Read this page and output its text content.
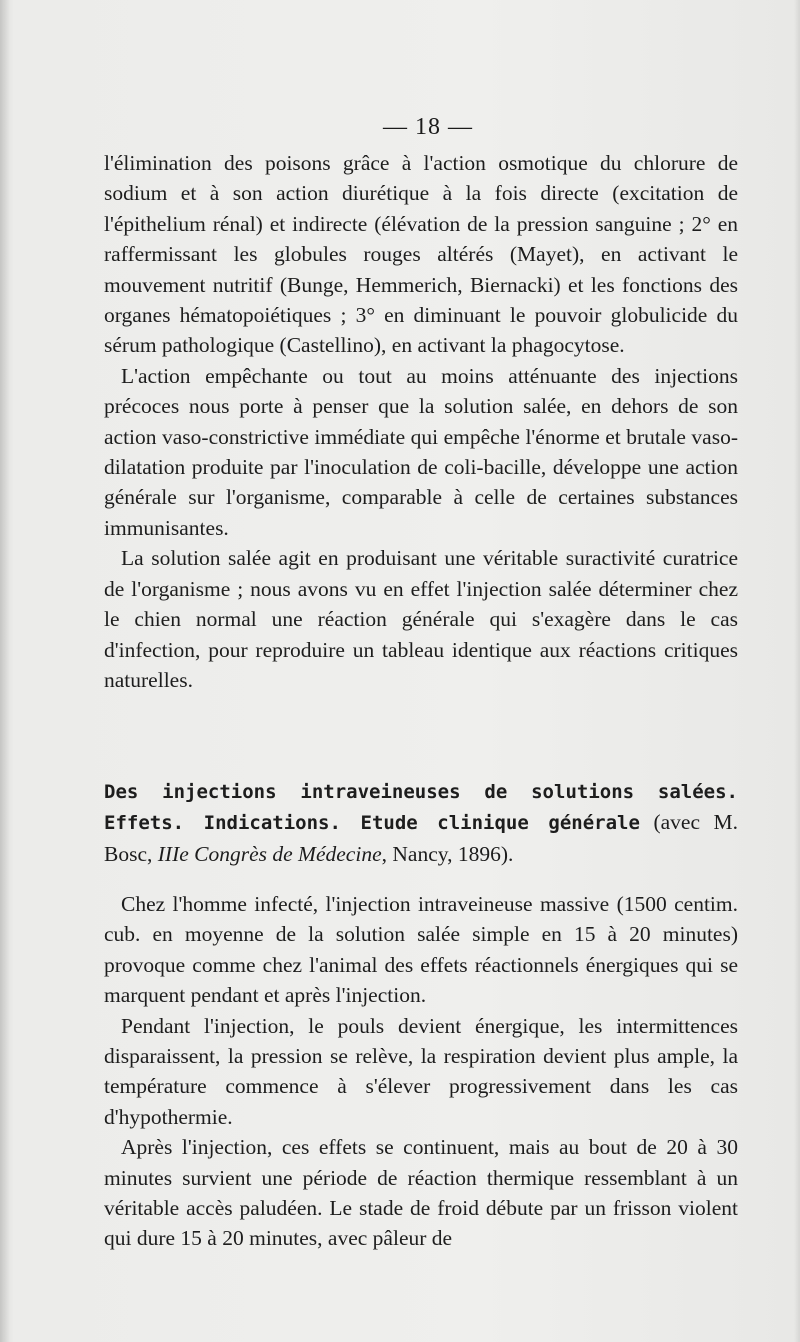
— 18 —

l'élimination des poisons grâce à l'action osmotique du chlorure de sodium et à son action diurétique à la fois directe (excitation de l'épithelium rénal) et indirecte (élévation de la pression sanguine ; 2° en raffermissant les globules rouges altérés (Mayet), en activant le mouvement nutritif (Bunge, Hemmerich, Biernacki) et les fonctions des organes hématopoiétiques ; 3° en diminuant le pouvoir globulicide du sérum pathologique (Castellino), en activant la phagocytose.

L'action empêchante ou tout au moins atténuante des injections précoces nous porte à penser que la solution salée, en dehors de son action vaso-constrictive immédiate qui empêche l'énorme et brutale vaso-dilatation produite par l'inoculation de coli-bacille, développe une action générale sur l'organisme, comparable à celle de certaines substances immunisantes.

La solution salée agit en produisant une véritable suractivité curatrice de l'organisme ; nous avons vu en effet l'injection salée déterminer chez le chien normal une réaction générale qui s'exagère dans le cas d'infection, pour reproduire un tableau identique aux réactions critiques naturelles.

Des injections intraveineuses de solutions salées. Effets. Indications. Etude clinique générale (avec M. Bosc, IIIe Congrès de Médecine, Nancy, 1896).

Chez l'homme infecté, l'injection intraveineuse massive (1500 centim. cub. en moyenne de la solution salée simple en 15 à 20 minutes) provoque comme chez l'animal des effets réactionnels énergiques qui se marquent pendant et après l'injection.

Pendant l'injection, le pouls devient énergique, les intermittences disparaissent, la pression se relève, la respiration devient plus ample, la température commence à s'élever progressivement dans les cas d'hypothermie.

Après l'injection, ces effets se continuent, mais au bout de 20 à 30 minutes survient une période de réaction thermique ressemblant à un véritable accès paludéen. Le stade de froid débute par un frisson violent qui dure 15 à 20 minutes, avec pâleur de
